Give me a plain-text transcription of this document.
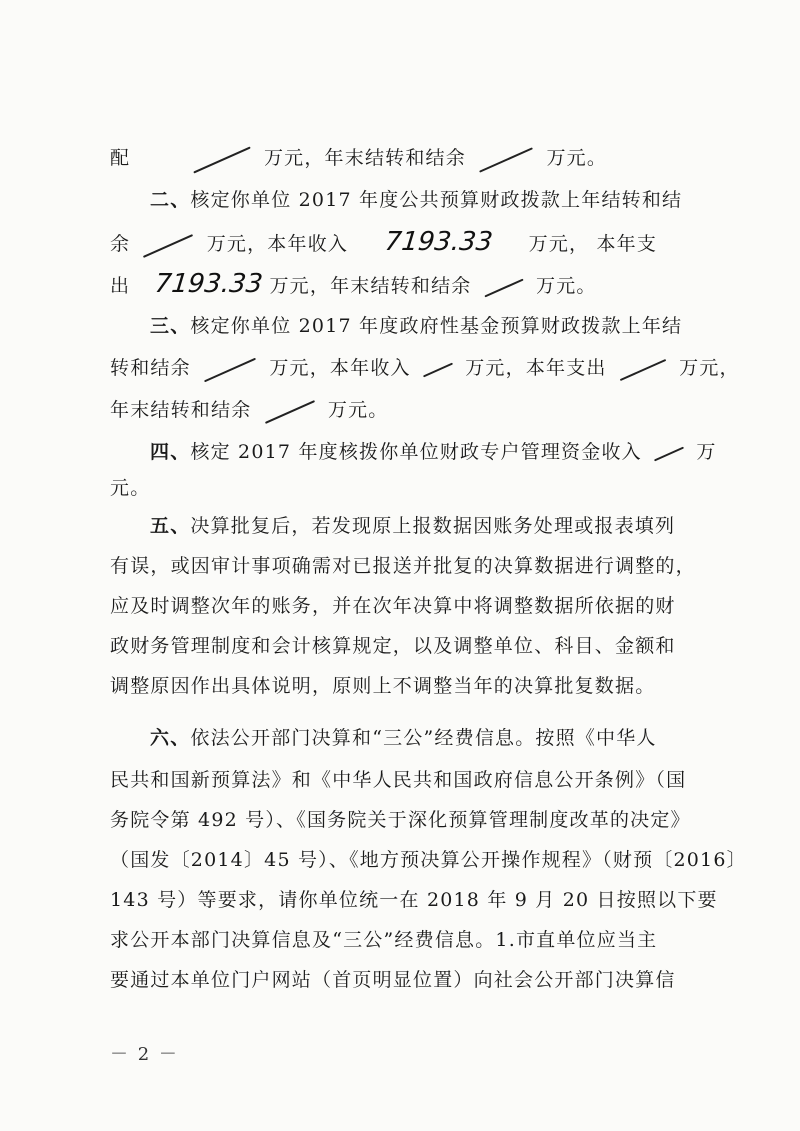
配	万元，年末结转和结余	万元。
二、核定你单位 2017 年度公共预算财政拨款上年结转和结
余	万元，本年收入 7193.33 万元， 本年支
出 7193.33 万元，年末结转和结余	万元。
三、核定你单位 2017 年度政府性基金预算财政拨款上年结
转和结余	万元，本年收入	万元，本年支出	万元，
年末结转和结余	万元。
四、核定 2017 年度核拨你单位财政专户管理资金收入	万
元。
五、决算批复后，若发现原上报数据因账务处理或报表填列
有误，或因审计事项确需对已报送并批复的决算数据进行调整的，
应及时调整次年的账务，并在次年决算中将调整数据所依据的财
政财务管理制度和会计核算规定，以及调整单位、科目、金额和
调整原因作出具体说明，原则上不调整当年的决算批复数据。
六、依法公开部门决算和“三公”经费信息。按照《中华人
民共和国新预算法》和《中华人民共和国政府信息公开条例》（国
务院令第 492 号）、《国务院关于深化预算管理制度改革的决定》
（国发〔2014〕45 号）、《地方预决算公开操作规程》（财预〔2016〕
143 号）等要求，请你单位统一在 2018 年 9 月 20 日按照以下要
求公开本部门决算信息及“三公”经费信息。1.市直单位应当主
要通过本单位门户网站（首页明显位置）向社会公开部门决算信
－ 2 －
